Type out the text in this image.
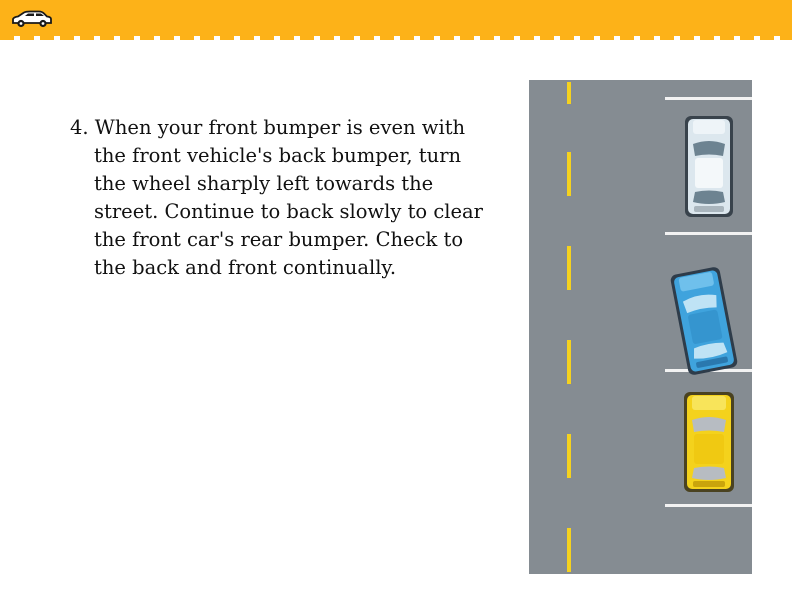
4. When your front bumper is even with the front vehicle's back bumper, turn the wheel sharply left towards the street. Continue to back slowly to clear the front car's rear bumper. Check to the back and front continually.
